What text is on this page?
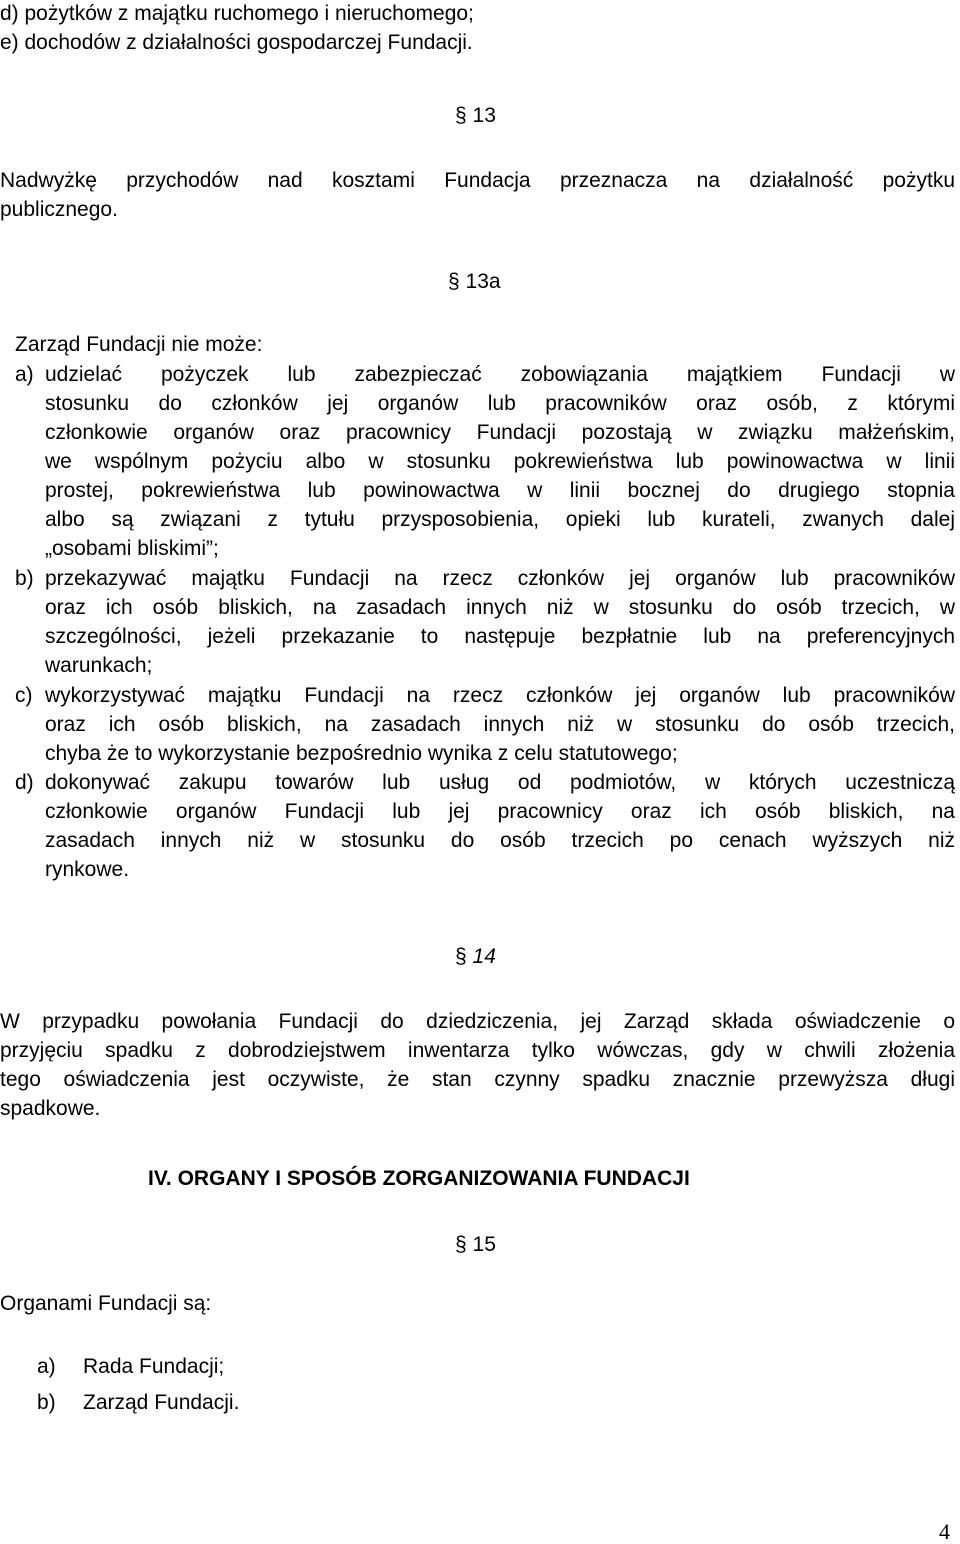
d) pożytków z majątku ruchomego i nieruchomego;
e) dochodów z działalności gospodarczej Fundacji.
§ 13
Nadwyżkę przychodów nad kosztami Fundacja przeznacza na działalność pożytku
publicznego.
§ 13a
Zarząd Fundacji nie może:
a) udzielać pożyczek lub zabezpieczać zobowiązania majątkiem Fundacji w
stosunku do członków jej organów lub pracowników oraz osób, z którymi
członkowie organów oraz pracownicy Fundacji pozostają w związku małżeńskim,
we wspólnym pożyciu albo w stosunku pokrewieństwa lub powinowactwa w linii
prostej, pokrewieństwa lub powinowactwa w linii bocznej do drugiego stopnia
albo są związani z tytułu przysposobienia, opieki lub kurateli, zwanych dalej
„osobami bliskimi”;
b) przekazywać majątku Fundacji na rzecz członków jej organów lub pracowników
oraz ich osób bliskich, na zasadach innych niż w stosunku do osób trzecich, w
szczególności, jeżeli przekazanie to następuje bezpłatnie lub na preferencyjnych
warunkach;
c) wykorzystywać majątku Fundacji na rzecz członków jej organów lub pracowników
oraz ich osób bliskich, na zasadach innych niż w stosunku do osób trzecich,
chyba że to wykorzystanie bezpośrednio wynika z celu statutowego;
d) dokonywać zakupu towarów lub usług od podmiotów, w których uczestniczą
członkowie organów Fundacji lub jej pracownicy oraz ich osób bliskich, na
zasadach innych niż w stosunku do osób trzecich po cenach wyższych niż
rynkowe.
§ 14
W przypadku powołania Fundacji do dziedziczenia, jej Zarząd składa oświadczenie o
przyjęciu spadku z dobrodziejstwem inwentarza tylko wówczas, gdy w chwili złożenia
tego oświadczenia jest oczywiste, że stan czynny spadku znacznie przewyższa długi
spadkowe.
IV. ORGANY I SPOSÓB ZORGANIZOWANIA FUNDACJI
§ 15
Organami Fundacji są:
a) Rada Fundacji;
b) Zarząd Fundacji.
4
